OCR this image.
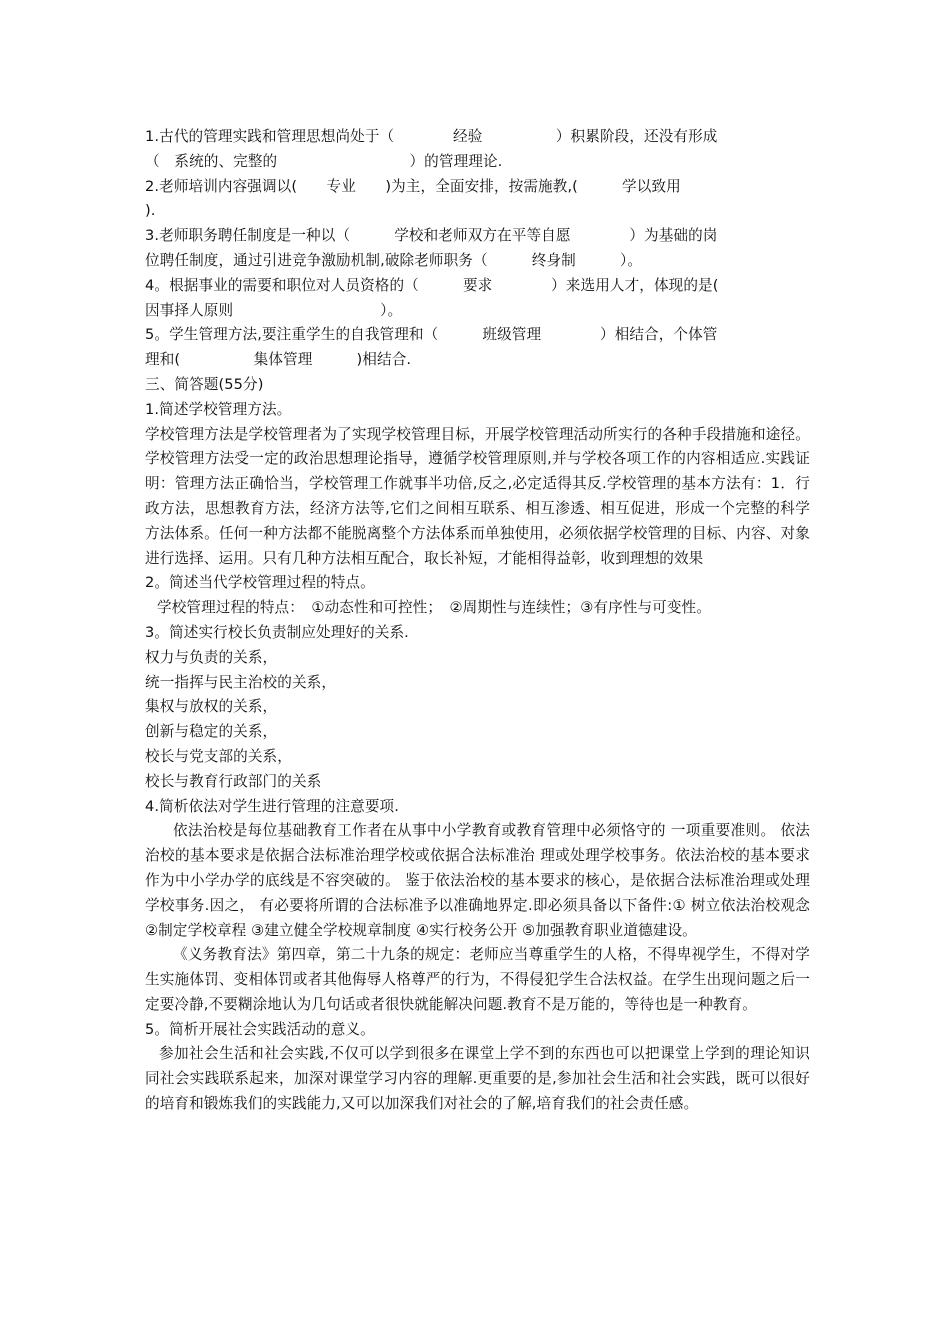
1.古代的管理实践和管理思想尚处于（　　　　经验　　　　　）积累阶段，还没有形成
（　系统的、完整的　　　　　　　　　）的管理理论.
2.老师培训内容强调以(　　专业　　)为主，全面安排，按需施教,(　　　学以致用
).
3.老师职务聘任制度是一种以（　　　学校和老师双方在平等自愿　　　　）为基础的岗
位聘任制度，通过引进竞争激励机制,破除老师职务（　　　终身制　　　）。
4。根据事业的需要和职位对人员资格的（　　　要求　　　　）来选用人才，体现的是(
因事择人原则　　　　　　　　　　）。
5。学生管理方法,要注重学生的自我管理和（　　　班级管理　　　　）相结合，个体管
理和(　　　　　集体管理　　　)相结合.
三、简答题(55分)
1.简述学校管理方法。
学校管理方法是学校管理者为了实现学校管理目标，开展学校管理活动所实行的各种手段措施和途径。学校管理方法受一定的政治思想理论指导，遵循学校管理原则,并与学校各项工作的内容相适应.实践证明：管理方法正确恰当，学校管理工作就事半功倍,反之,必定适得其反.学校管理的基本方法有：1．行政方法，思想教育方法，经济方法等,它们之间相互联系、相互渗透、相互促进，形成一个完整的科学方法体系。任何一种方法都不能脱离整个方法体系而单独使用，必须依据学校管理的目标、内容、对象进行选择、运用。只有几种方法相互配合，取长补短，才能相得益彰，收到理想的效果
2。简述当代学校管理过程的特点。
学校管理过程的特点：　①动态性和可控性；　②周期性与连续性；③有序性与可变性。
3。简述实行校长负责制应处理好的关系.
权力与负责的关系，
统一指挥与民主治校的关系，
集权与放权的关系，
创新与稳定的关系，
校长与党支部的关系，
校长与教育行政部门的关系
4.简析依法对学生进行管理的注意要项.
依法治校是每位基础教育工作者在从事中小学教育或教育管理中必须恪守的 一项重要准则。 依法治校的基本要求是依据合法标准治理学校或依据合法标准治 理或处理学校事务。依法治校的基本要求作为中小学办学的底线是不容突破的。 鉴于依法治校的基本要求的核心，是依据合法标准治理或处理学校事务.因之， 有必要将所谓的合法标准予以准确地界定.即必须具备以下备件:① 树立依法治校观念 ②制定学校章程 ③建立健全学校规章制度 ④实行校务公开 ⑤加强教育职业道德建设。
《义务教育法》第四章，第二十九条的规定：老师应当尊重学生的人格，不得卑视学生，不得对学生实施体罚、变相体罚或者其他侮辱人格尊严的行为，不得侵犯学生合法权益。在学生出现问题之后一定要冷静,不要糊涂地认为几句话或者很快就能解决问题.教育不是万能的，等待也是一种教育。
5。简析开展社会实践活动的意义。
参加社会生活和社会实践,不仅可以学到很多在课堂上学不到的东西也可以把课堂上学到的理论知识同社会实践联系起来，加深对课堂学习内容的理解.更重要的是,参加社会生活和社会实践，既可以很好的培育和锻炼我们的实践能力,又可以加深我们对社会的了解,培育我们的社会责任感。
